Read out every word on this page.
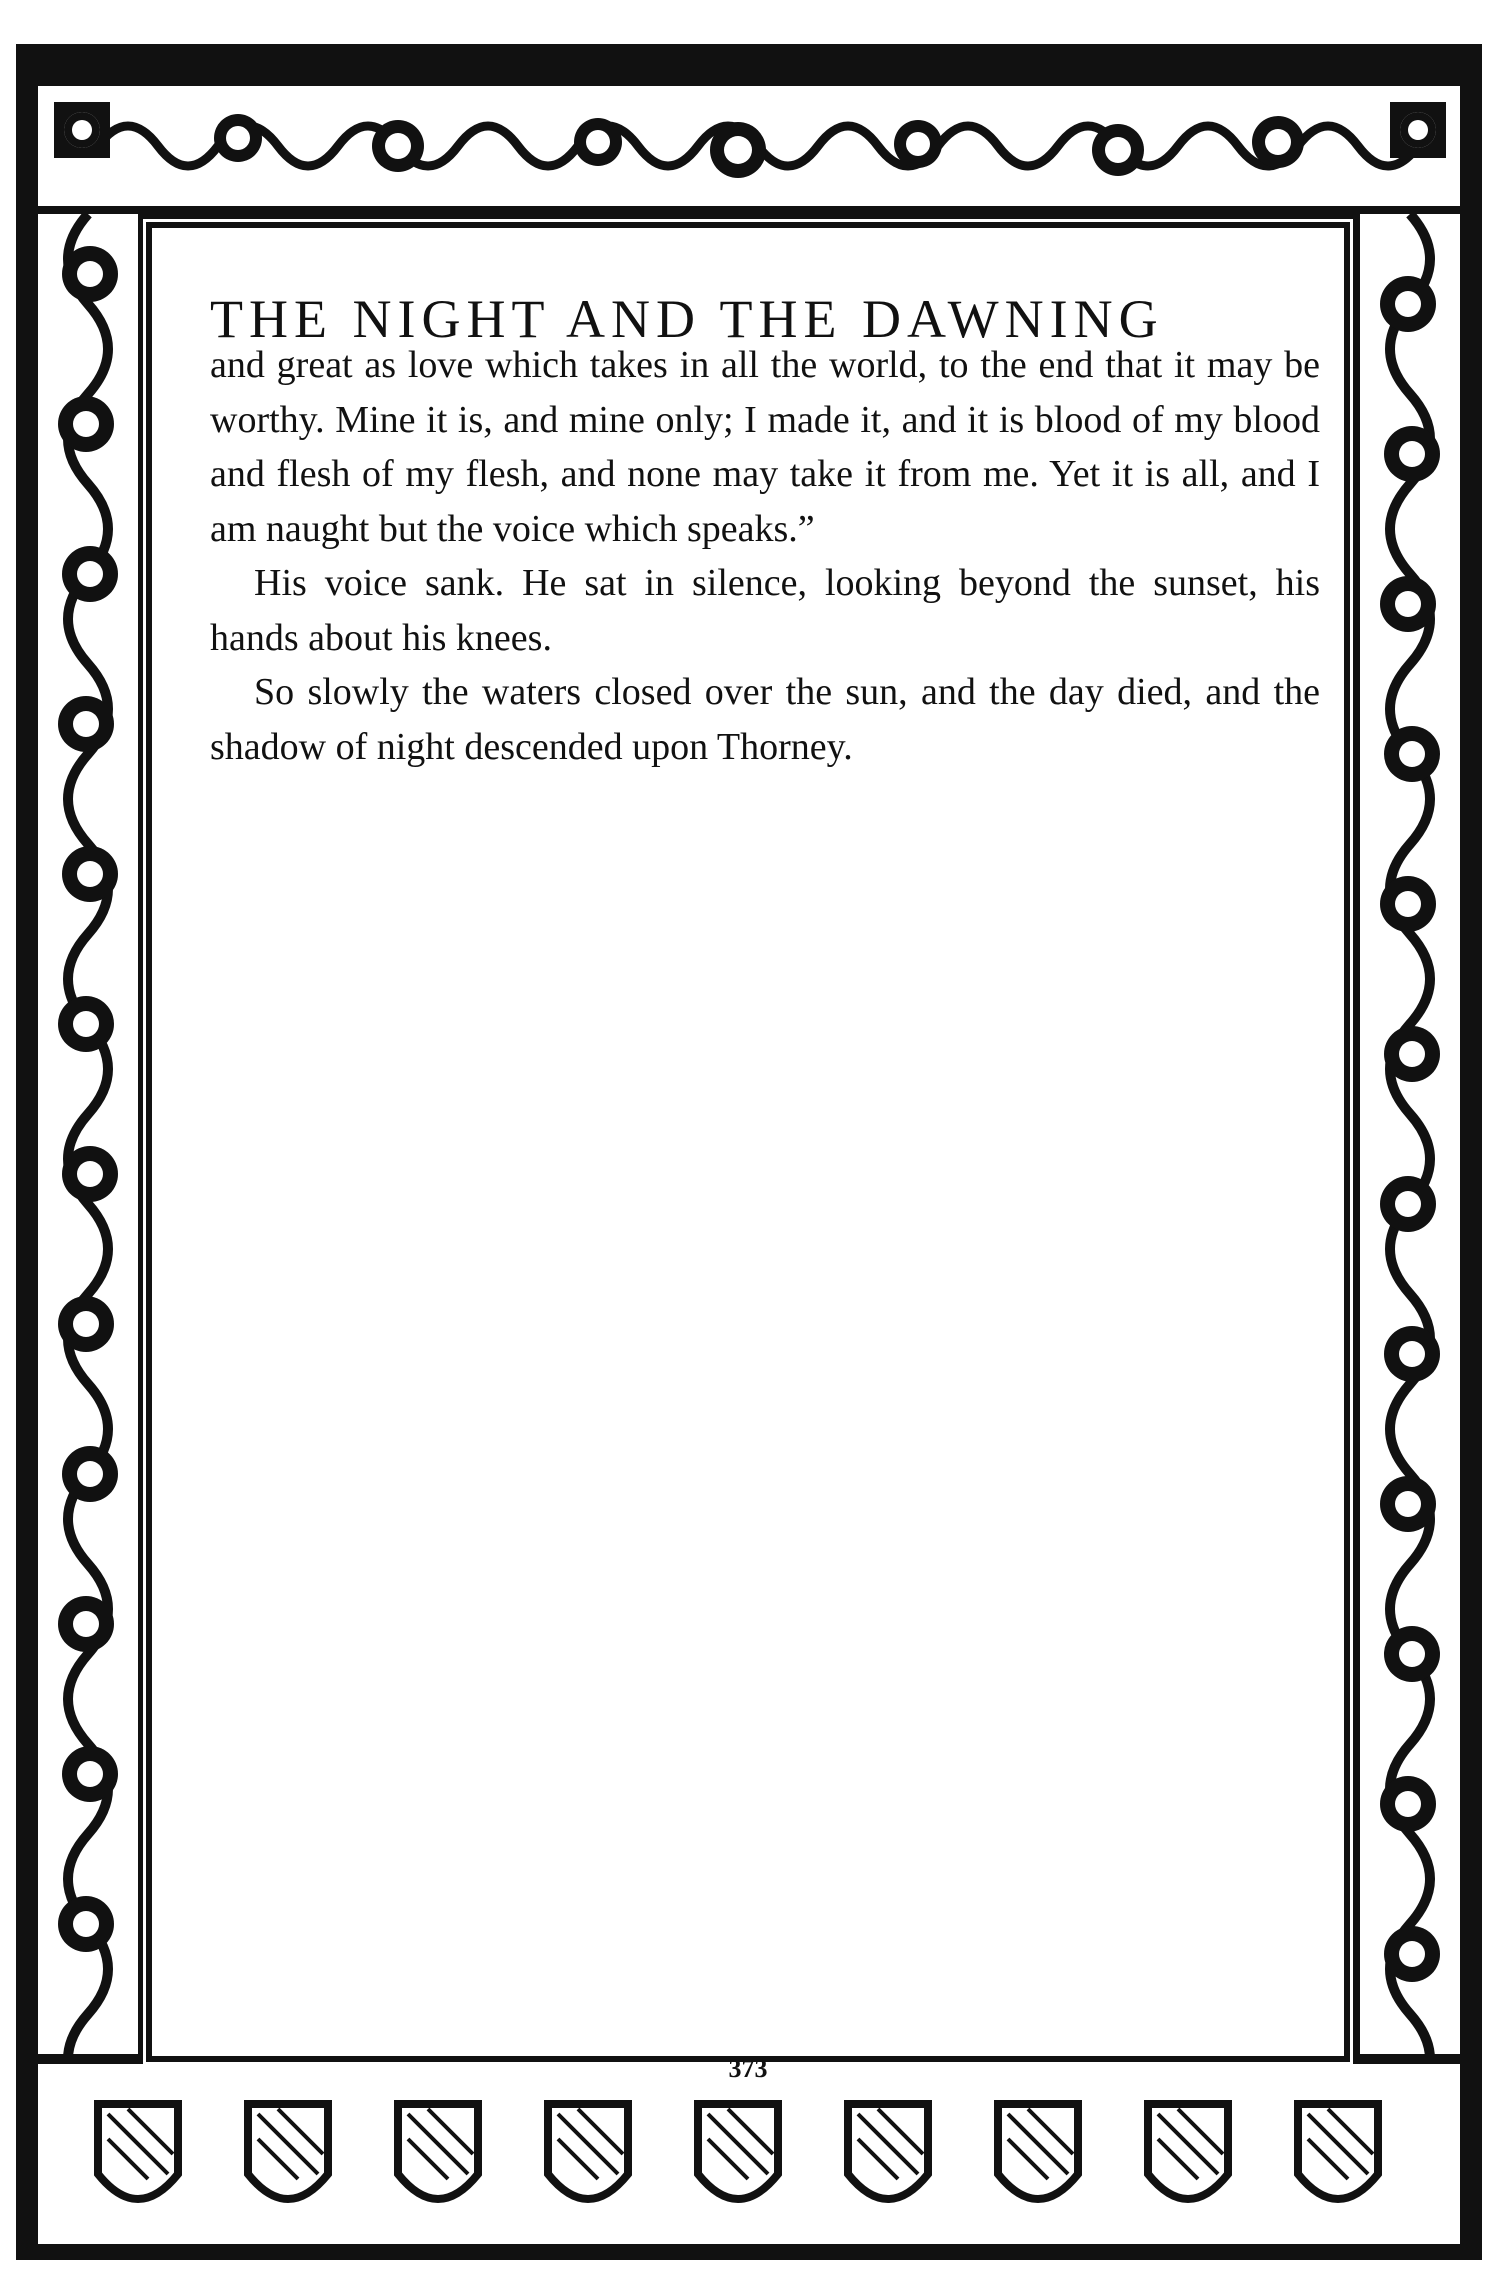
THE NIGHT AND THE DAWNING

and great as love which takes in all the world, to the end that it may be worthy. Mine it is, and mine only; I made it, and it is blood of my blood and flesh of my flesh, and none may take it from me. Yet it is all, and I am naught but the voice which speaks.”

His voice sank. He sat in silence, looking beyond the sunset, his hands about his knees.

So slowly the waters closed over the sun, and the day died, and the shadow of night descended upon Thorney.

373
